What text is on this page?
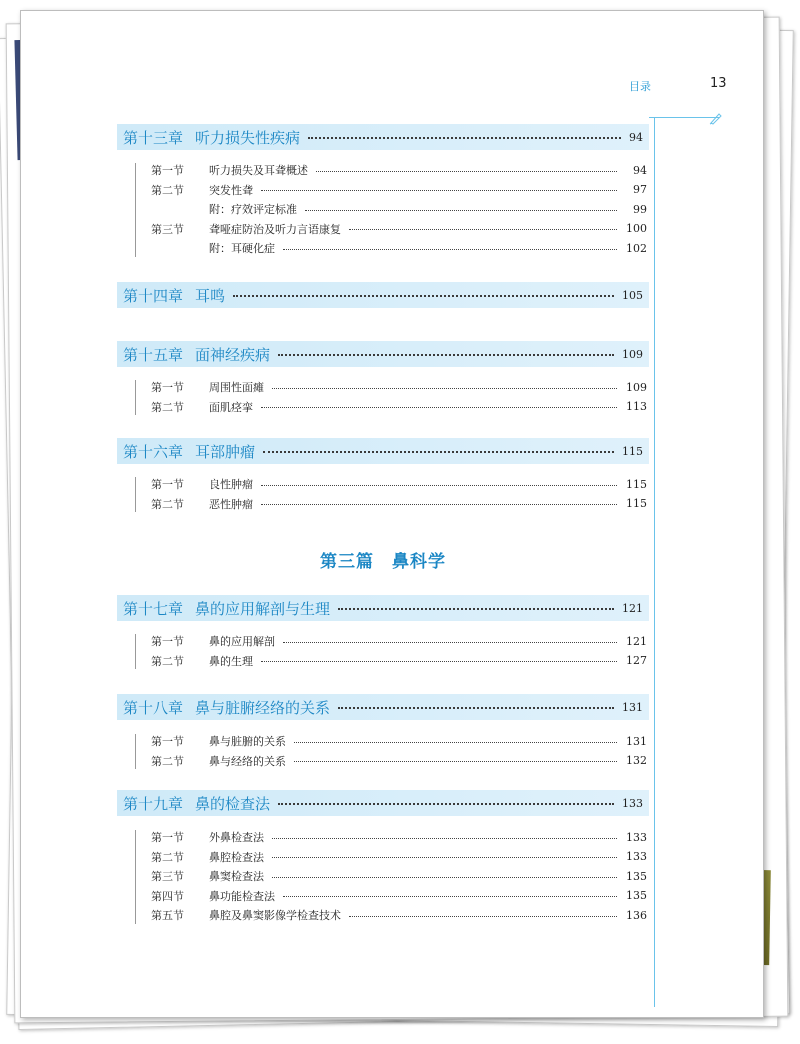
目录	13
第三篇 鼻科学
第十三章 听力损失性疾病	94
第一节	听力损失及耳聋概述	94
第二节	突发性聋	97
附：疗效评定标准	99
第三节	聋哑症防治及听力言语康复	100
附：耳硬化症	102
第十四章 耳鸣	105
第十五章 面神经疾病	109
第一节	周围性面瘫	109
第二节	面肌痉挛	113
第十六章 耳部肿瘤	115
第一节	良性肿瘤	115
第二节	恶性肿瘤	115
第十七章 鼻的应用解剖与生理	121
第一节	鼻的应用解剖	121
第二节	鼻的生理	127
第十八章 鼻与脏腑经络的关系	131
第一节	鼻与脏腑的关系	131
第二节	鼻与经络的关系	132
第十九章 鼻的检查法	133
第一节	外鼻检查法	133
第二节	鼻腔检查法	133
第三节	鼻窦检查法	135
第四节	鼻功能检查法	135
第五节	鼻腔及鼻窦影像学检查技术	136
